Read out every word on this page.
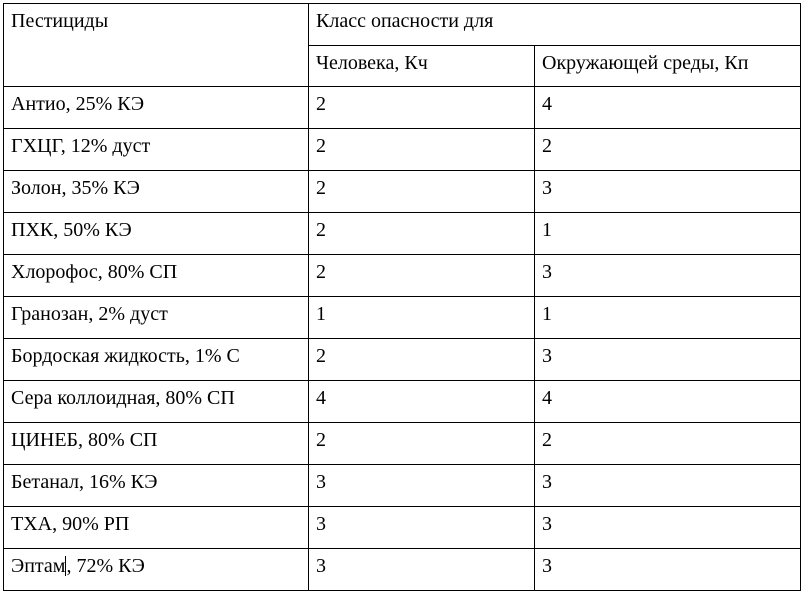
Пестициды	Класс опасности для	
	Человека, Кч	Окружающей среды, Кп
Антио, 25% КЭ	2	4
ГХЦГ, 12% дуст	2	2
Золон, 35% КЭ	2	3
ПХК, 50% КЭ	2	1
Хлорофос, 80% СП	2	3
Гранозан, 2% дуст	1	1
Бордоская жидкость, 1% С	2	3
Сера коллоидная, 80% СП	4	4
ЦИНЕБ, 80% СП	2	2
Бетанал, 16% КЭ	3	3
ТХА, 90% РП	3	3
Эптам, 72% КЭ	3	3
